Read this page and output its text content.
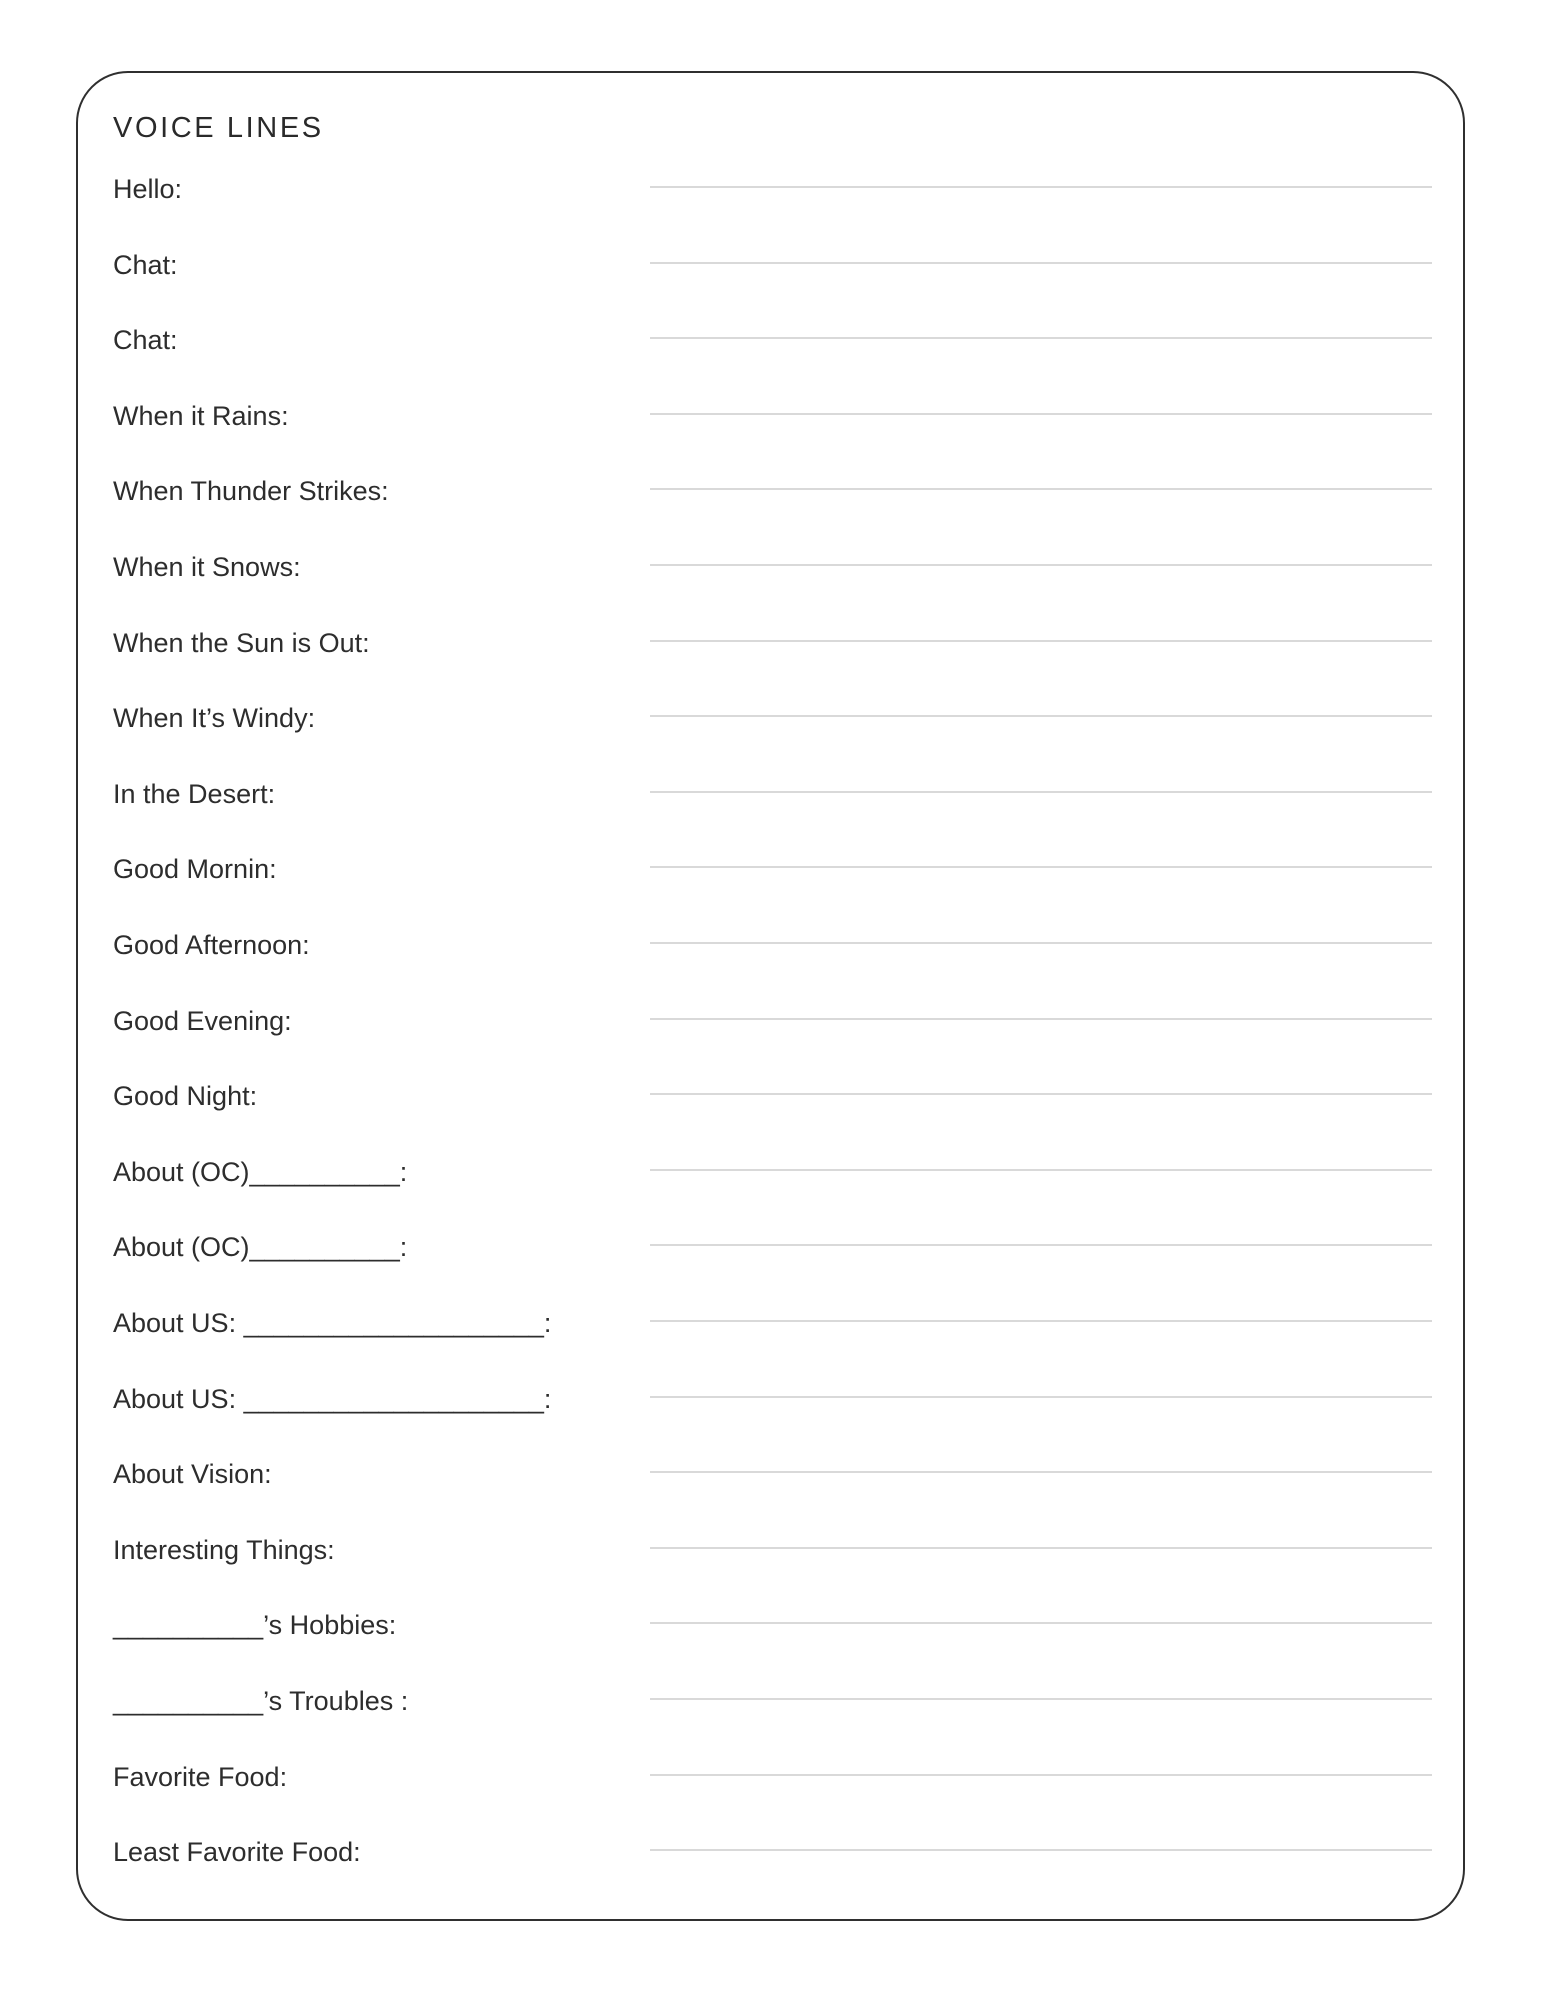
VOICE LINES
Hello:
Chat:
Chat:
When it Rains:
When Thunder Strikes:
When it Snows:
When the Sun is Out:
When It’s Windy:
In the Desert:
Good Mornin:
Good Afternoon:
Good Evening:
Good Night:
About (OC)__________:
About (OC)__________:
About US: ____________________:
About US: ____________________:
About Vision:
Interesting Things:
__________’s Hobbies:
__________’s Troubles :
Favorite Food:
Least Favorite Food:
